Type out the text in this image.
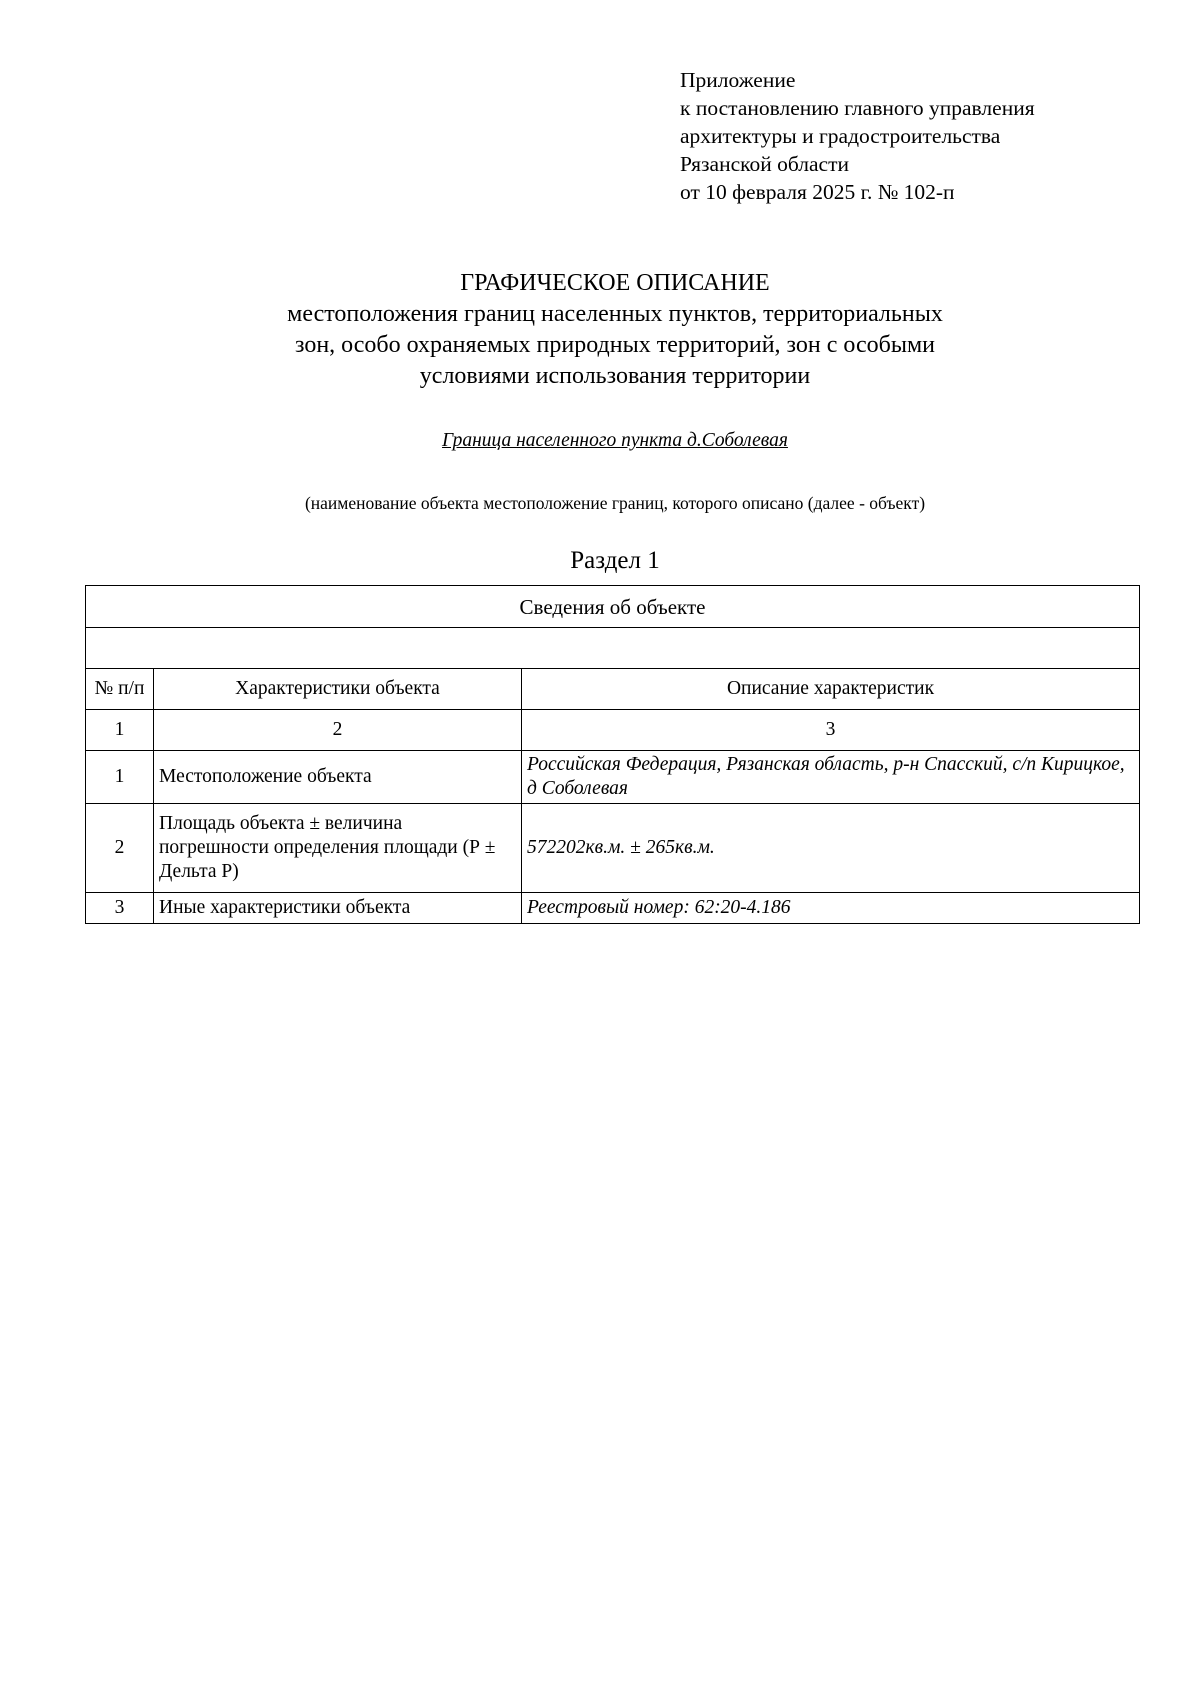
Приложение
к постановлению главного управления
архитектуры и градостроительства
Рязанской области
от 10 февраля 2025 г. № 102-п
ГРАФИЧЕСКОЕ ОПИСАНИЕ
местоположения границ населенных пунктов, территориальных
зон, особо охраняемых природных территорий, зон с особыми
условиями использования территории
Граница населенного пункта д.Соболевая
(наименование объекта местоположение границ, которого описано (далее - объект)
Раздел 1
Сведения об объекте		

№ п/п	Характеристики объекта	Описание характеристик
1	2	3
1	Местоположение объекта	Российская Федерация, Рязанская область, р-н Спасский, с/п Кирицкое, д Соболевая
2	Площадь объекта ± величина погрешности определения площади (Р ± Дельта Р)	572202кв.м. ± 265кв.м.
3	Иные характеристики объекта	Реестровый номер: 62:20-4.186
